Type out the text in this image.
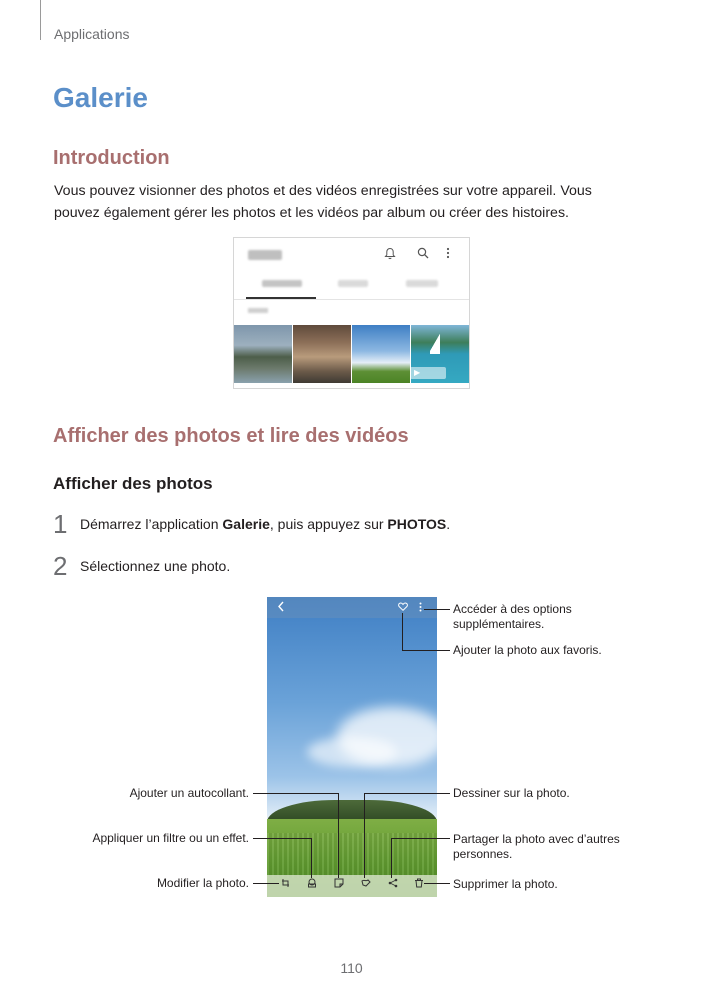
Applications
Galerie
Introduction
Vous pouvez visionner des photos et des vidéos enregistrées sur votre appareil. Vous pouvez également gérer les photos et les vidéos par album ou créer des histoires.
▶
Afficher des photos et lire des vidéos
Afficher des photos
1 Démarrez l’application Galerie, puis appuyez sur PHOTOS.
2 Sélectionnez une photo.
Accéder à des options supplémentaires.
Ajouter la photo aux favoris.
Dessiner sur la photo.
Partager la photo avec d’autres personnes.
Supprimer la photo.
Ajouter un autocollant.
Appliquer un filtre ou un effet.
Modifier la photo.
110
